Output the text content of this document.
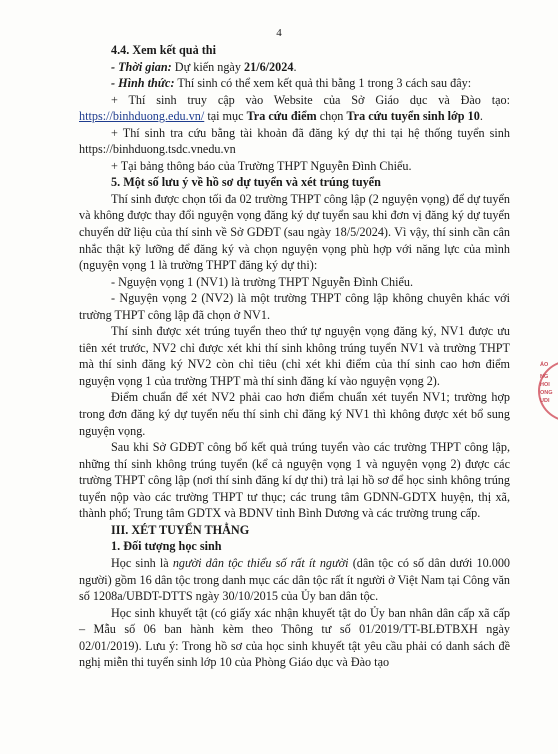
4

4.4. Xem kết quả thi

- Thời gian: Dự kiến ngày 21/6/2024.

- Hình thức: Thí sinh có thể xem kết quả thi bằng 1 trong 3 cách sau đây:

+ Thí sinh truy cập vào Website của Sở Giáo dục và Đào tạo: https://binhduong.edu.vn/ tại mục Tra cứu điểm chọn Tra cứu tuyển sinh lớp 10.

+ Thí sinh tra cứu bằng tài khoản đã đăng ký dự thi tại hệ thống tuyển sinh https://binhduong.tsdc.vnedu.vn

+ Tại bảng thông báo của Trường THPT Nguyễn Đình Chiểu.

5. Một số lưu ý về hồ sơ dự tuyển và xét trúng tuyển

Thí sinh được chọn tối đa 02 trường THPT công lập (2 nguyện vọng) để dự tuyển và không được thay đổi nguyện vọng đăng ký dự tuyển sau khi đơn vị đăng ký dự tuyển chuyển dữ liệu của thí sinh về Sở GDĐT (sau ngày 18/5/2024). Vì vậy, thí sinh cần cân nhắc thật kỹ lưỡng để đăng ký và chọn nguyện vọng phù hợp với năng lực của mình (nguyện vọng 1 là trường THPT đăng ký dự thi):

- Nguyện vọng 1 (NV1) là trường THPT Nguyễn Đình Chiểu.

- Nguyện vọng 2 (NV2) là một trường THPT công lập không chuyên khác với trường THPT công lập đã chọn ở NV1.

Thí sinh được xét trúng tuyển theo thứ tự nguyện vọng đăng ký, NV1 được ưu tiên xét trước, NV2 chỉ được xét khi thí sinh không trúng tuyển NV1 và trường THPT mà thí sinh đăng ký NV2 còn chỉ tiêu (chỉ xét khi điểm của thí sinh cao hơn điểm nguyện vọng 1 của trường THPT mà thí sinh đăng kí vào nguyện vọng 2).

Điểm chuẩn để xét NV2 phải cao hơn điểm chuẩn xét tuyển NV1; trường hợp trong đơn đăng ký dự tuyển nếu thí sinh chỉ đăng ký NV1 thì không được xét bổ sung nguyện vọng.

Sau khi Sở GDĐT công bố kết quả trúng tuyển vào các trường THPT công lập, những thí sinh không trúng tuyển (kể cả nguyện vọng 1 và nguyện vọng 2) được các trường THPT công lập (nơi thí sinh đăng kí dự thi) trả lại hồ sơ để học sinh không trúng tuyển nộp vào các trường THPT tư thục; các trung tâm GDNN-GDTX huyện, thị xã, thành phố; Trung tâm GDTX và BDNV tỉnh Bình Dương và các trường trung cấp.

III. XÉT TUYỂN THẲNG

1. Đối tượng học sinh

Học sinh là người dân tộc thiểu số rất ít người (dân tộc có số dân dưới 10.000 người) gồm 16 dân tộc trong danh mục các dân tộc rất ít người ở Việt Nam tại Công văn số 1208a/UBDT-DTTS ngày 30/10/2015 của Ủy ban dân tộc.

Học sinh khuyết tật (có giấy xác nhận khuyết tật do Ủy ban nhân dân cấp xã cấp – Mẫu số 06 ban hành kèm theo Thông tư số 01/2019/TT-BLĐTBXH ngày 02/01/2019). Lưu ý: Trong hồ sơ của học sinh khuyết tật yêu cầu phải có danh sách đề nghị miễn thi tuyển sinh lớp 10 của Phòng Giáo dục và Đào tạo

ÁO
NG
HOI
ONG
UDI
